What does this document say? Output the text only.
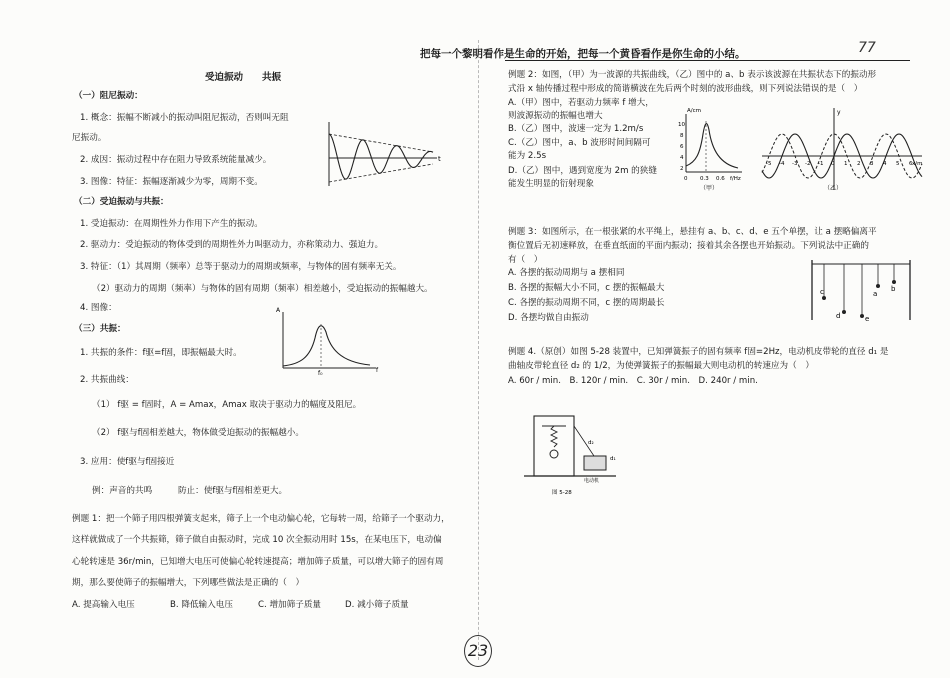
把每一个黎明看作是生命的开始，把每一个黄昏看作是你生命的小结。	77
受迫振动　　共振
（一）阻尼振动：
1. 概念：振幅不断减小的振动叫阻尼振动，否则叫无阻
尼振动。
2. 成因：振动过程中存在阻力导致系统能量减少。
3. 图像：特征：振幅逐渐减少为零，周期不变。
（二）受迫振动与共振：
1. 受迫振动：在周期性外力作用下产生的振动。
2. 驱动力：受迫振动的物体受到的周期性外力叫驱动力，亦称策动力、强迫力。
3. 特征：（1）其周期（频率）总等于驱动力的周期或频率，与物体的固有频率无关。
（2）驱动力的周期（频率）与物体的固有周期（频率）相差越小，受迫振动的振幅越大。
4. 图像：
（三）共振：
1. 共振的条件：f驱=f固，即振幅最大时。
2. 共振曲线：
（1） f驱 = f固时，A = Amax，Amax 取决于驱动力的幅度及阻尼。
（2） f驱与f固相差越大，物体做受迫振动的振幅越小。
3. 应用：使f驱与f固接近
例：声音的共鸣　　　防止：使f驱与f固相差更大。
例题 1：把一个筛子用四根弹簧支起来，筛子上一个电动偏心轮，它每转一周，给筛子一个驱动力，
这样就做成了一个共振筛，筛子做自由振动时，完成 10 次全振动用时 15s，在某电压下，电动偏
心轮转速是 36r/min，已知增大电压可使偏心轮转速提高；增加筛子质量，可以增大筛子的固有周
期，那么要使筛子的振幅增大，下列哪些做法是正确的（　）
A. 提高输入电压	B. 降低输入电压	C. 增加筛子质量	D. 减小筛子质量
t
f₀	f
A
例题 2：如图，（甲）为一波源的共振曲线，（乙）图中的 a、b 表示该波源在共振状态下的振动形
式沿 x 轴传播过程中形成的简谐横波在先后两个时刻的波形曲线，则下列说法错误的是（　）
A.（甲）图中，若驱动力频率 f 增大，
则波源振动的振幅也增大
B.（乙）图中，波速一定为 1.2m/s
C.（乙）图中，a、b 波形时间间隔可
能为 2.5s
D.（乙）图中，遇到宽度为 2m 的狭缝
能发生明显的衍射现象
A/cm
10
8
6
4
2
0 0.3 0.6 f/Hz
（甲）
y
-5 -4 -3 -2 -1 0 1 2 3 4 5 6 x/m
（乙）
例题 3：如图所示，在一根张紧的水平绳上，悬挂有 a、b、c、d、e 五个单摆，让 a 摆略偏离平
衡位置后无初速释放，在垂直纸面的平面内振动；接着其余各摆也开始振动。下列说法中正确的
有（　）
A. 各摆的振动周期与 a 摆相同
B. 各摆的振幅大小不同，c 摆的振幅最大
C. 各摆的振动周期不同，c 摆的周期最长
D. 各摆均做自由振动
c
d	e
a
b
例题 4.（原创）如图 5-28 装置中，已知弹簧振子的固有频率 f固=2Hz，电动机皮带轮的直径 d₁ 是
曲轴皮带轮直径 d₂ 的 1/2，为使弹簧振子的振幅最大则电动机的转速应为（　）
A. 60r / min.　B. 120r / min.　C. 30r / min.　D. 240r / min.
d₂
d₁
电动机
图 5-28
23
